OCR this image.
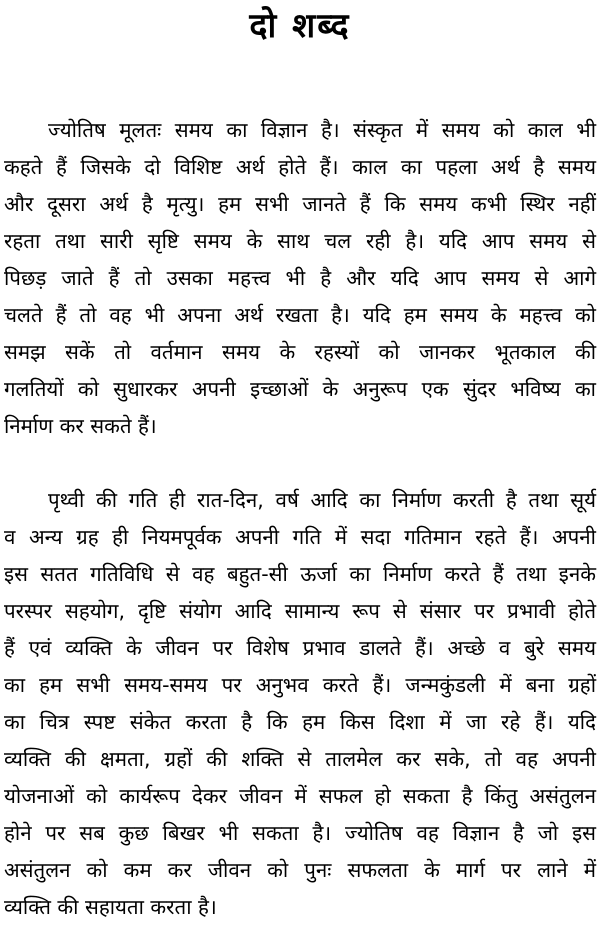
दो शब्द
ज्योतिष मूलतः समय का विज्ञान है। संस्कृत में समय को काल भी
कहते हैं जिसके दो विशिष्ट अर्थ होते हैं। काल का पहला अर्थ है समय
और दूसरा अर्थ है मृत्यु। हम सभी जानते हैं कि समय कभी स्थिर नहीं
रहता तथा सारी सृष्टि समय के साथ चल रही है। यदि आप समय से
पिछड़ जाते हैं तो उसका महत्त्व भी है और यदि आप समय से आगे
चलते हैं तो वह भी अपना अर्थ रखता है। यदि हम समय के महत्त्व को
समझ सकें तो वर्तमान समय के रहस्यों को जानकर भूतकाल की
गलतियों को सुधारकर अपनी इच्छाओं के अनुरूप एक सुंदर भविष्य का
निर्माण कर सकते हैं।
पृथ्वी की गति ही रात-दिन, वर्ष आदि का निर्माण करती है तथा सूर्य
व अन्य ग्रह ही नियमपूर्वक अपनी गति में सदा गतिमान रहते हैं। अपनी
इस सतत गतिविधि से वह बहुत-सी ऊर्जा का निर्माण करते हैं तथा इनके
परस्पर सहयोग, दृष्टि संयोग आदि सामान्य रूप से संसार पर प्रभावी होते
हैं एवं व्यक्ति के जीवन पर विशेष प्रभाव डालते हैं। अच्छे व बुरे समय
का हम सभी समय-समय पर अनुभव करते हैं। जन्मकुंडली में बना ग्रहों
का चित्र स्पष्ट संकेत करता है कि हम किस दिशा में जा रहे हैं। यदि
व्यक्ति की क्षमता, ग्रहों की शक्ति से तालमेल कर सके, तो वह अपनी
योजनाओं को कार्यरूप देकर जीवन में सफल हो सकता है किंतु असंतुलन
होने पर सब कुछ बिखर भी सकता है। ज्योतिष वह विज्ञान है जो इस
असंतुलन को कम कर जीवन को पुनः सफलता के मार्ग पर लाने में
व्यक्ति की सहायता करता है।
